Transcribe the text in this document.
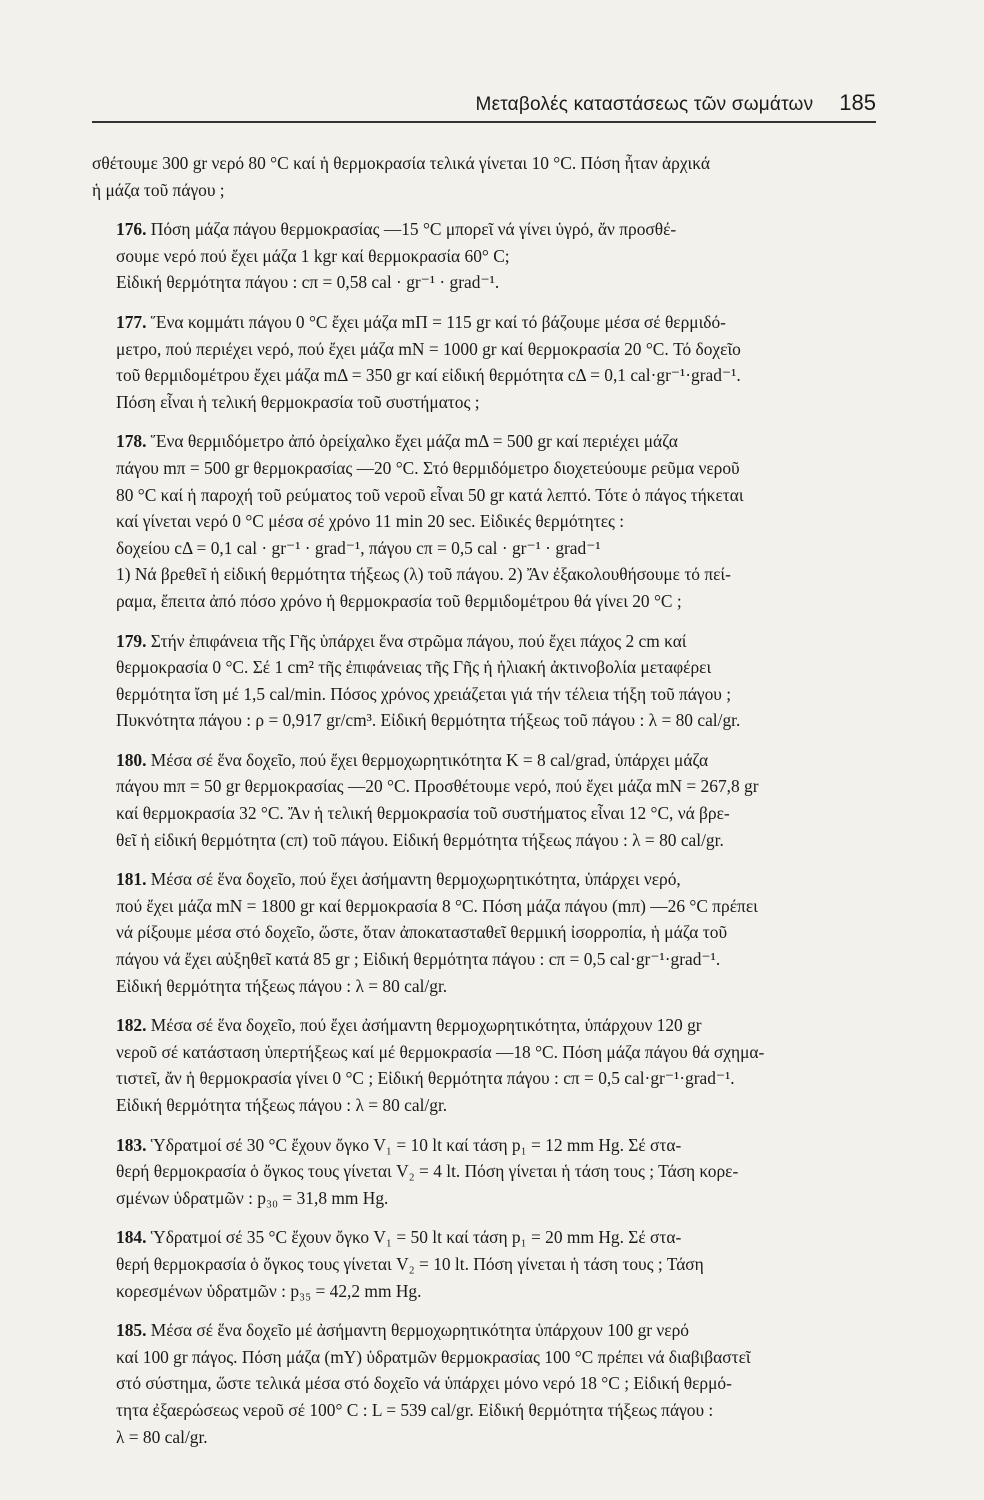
Μεταβολές καταστάσεως τῶν σωμάτων 185

σθέτουμε 300 gr νερό 80 °C καί ἡ θερμοκρασία τελικά γίνεται 10 °C. Πόση ἦταν ἀρχικά
ἡ μάζα τοῦ πάγου ;

176. Πόση μάζα πάγου θερμοκρασίας —15 °C μπορεῖ νά γίνει ὑγρό, ἄν προσθέ-
σουμε νερό πού ἔχει μάζα 1 kgr καί θερμοκρασία 60° C;
Εἰδική θερμότητα πάγου : cπ = 0,58 cal · gr⁻¹ · grad⁻¹.

177. Ἕνα κομμάτι πάγου 0 °C ἔχει μάζα mΠ = 115 gr καί τό βάζουμε μέσα σέ θερμιδό-
μετρο, πού περιέχει νερό, πού ἔχει μάζα mN = 1000 gr καί θερμοκρασία 20 °C. Τό δοχεῖο
τοῦ θερμιδομέτρου ἔχει μάζα mΔ = 350 gr καί εἰδική θερμότητα cΔ = 0,1 cal·gr⁻¹·grad⁻¹.
Πόση εἶναι ἡ τελική θερμοκρασία τοῦ συστήματος ;

178. Ἕνα θερμιδόμετρο ἀπό ὀρείχαλκο ἔχει μάζα mΔ = 500 gr καί περιέχει μάζα
πάγου mπ = 500 gr θερμοκρασίας —20 °C. Στό θερμιδόμετρο διοχετεύουμε ρεῦμα νεροῦ
80 °C καί ἡ παροχή τοῦ ρεύματος τοῦ νεροῦ εἶναι 50 gr κατά λεπτό. Τότε ὁ πάγος τήκεται
καί γίνεται νερό 0 °C μέσα σέ χρόνο 11 min 20 sec. Εἰδικές θερμότητες :
δοχείου cΔ = 0,1 cal · gr⁻¹ · grad⁻¹, πάγου cπ = 0,5 cal · gr⁻¹ · grad⁻¹
1) Νά βρεθεῖ ἡ εἰδική θερμότητα τήξεως (λ) τοῦ πάγου. 2) Ἄν ἐξακολουθήσουμε τό πεί-
ραμα, ἔπειτα ἀπό πόσο χρόνο ἡ θερμοκρασία τοῦ θερμιδομέτρου θά γίνει 20 °C ;

179. Στήν ἐπιφάνεια τῆς Γῆς ὑπάρχει ἕνα στρῶμα πάγου, πού ἔχει πάχος 2 cm καί
θερμοκρασία 0 °C. Σέ 1 cm² τῆς ἐπιφάνειας τῆς Γῆς ἡ ἡλιακή ἀκτινοβολία μεταφέρει
θερμότητα ἴση μέ 1,5 cal/min. Πόσος χρόνος χρειάζεται γιά τήν τέλεια τήξη τοῦ πάγου ;
Πυκνότητα πάγου : ρ = 0,917 gr/cm³. Εἰδική θερμότητα τήξεως τοῦ πάγου : λ = 80 cal/gr.

180. Μέσα σέ ἕνα δοχεῖο, πού ἔχει θερμοχωρητικότητα K = 8 cal/grad, ὑπάρχει μάζα
πάγου mπ = 50 gr θερμοκρασίας —20 °C. Προσθέτουμε νερό, πού ἔχει μάζα mN = 267,8 gr
καί θερμοκρασία 32 °C. Ἄν ἡ τελική θερμοκρασία τοῦ συστήματος εἶναι 12 °C, νά βρε-
θεῖ ἡ εἰδική θερμότητα (cπ) τοῦ πάγου. Εἰδική θερμότητα τήξεως πάγου : λ = 80 cal/gr.

181. Μέσα σέ ἕνα δοχεῖο, πού ἔχει ἀσήμαντη θερμοχωρητικότητα, ὑπάρχει νερό,
πού ἔχει μάζα mN = 1800 gr καί θερμοκρασία 8 °C. Πόση μάζα πάγου (mπ) —26 °C πρέπει
νά ρίξουμε μέσα στό δοχεῖο, ὥστε, ὅταν ἀποκατασταθεῖ θερμική ἰσορροπία, ἡ μάζα τοῦ
πάγου νά ἔχει αὐξηθεῖ κατά 85 gr ; Εἰδική θερμότητα πάγου : cπ = 0,5 cal·gr⁻¹·grad⁻¹.
Εἰδική θερμότητα τήξεως πάγου : λ = 80 cal/gr.

182. Μέσα σέ ἕνα δοχεῖο, πού ἔχει ἀσήμαντη θερμοχωρητικότητα, ὑπάρχουν 120 gr
νεροῦ σέ κατάσταση ὑπερτήξεως καί μέ θερμοκρασία —18 °C. Πόση μάζα πάγου θά σχημα-
τιστεῖ, ἄν ἡ θερμοκρασία γίνει 0 °C ; Εἰδική θερμότητα πάγου : cπ = 0,5 cal·gr⁻¹·grad⁻¹.
Εἰδική θερμότητα τήξεως πάγου : λ = 80 cal/gr.

183. Ὑδρατμοί σέ 30 °C ἔχουν ὄγκο V₁ = 10 lt καί τάση p₁ = 12 mm Hg. Σέ στα-
θερή θερμοκρασία ὁ ὄγκος τους γίνεται V₂ = 4 lt. Πόση γίνεται ἡ τάση τους ; Τάση κορε-
σμένων ὑδρατμῶν : p₃₀ = 31,8 mm Hg.

184. Ὑδρατμοί σέ 35 °C ἔχουν ὄγκο V₁ = 50 lt καί τάση p₁ = 20 mm Hg. Σέ στα-
θερή θερμοκρασία ὁ ὄγκος τους γίνεται V₂ = 10 lt. Πόση γίνεται ἡ τάση τους ; Τάση
κορεσμένων ὑδρατμῶν : p₃₅ = 42,2 mm Hg.

185. Μέσα σέ ἕνα δοχεῖο μέ ἀσήμαντη θερμοχωρητικότητα ὑπάρχουν 100 gr νερό
καί 100 gr πάγος. Πόση μάζα (mY) ὑδρατμῶν θερμοκρασίας 100 °C πρέπει νά διαβιβαστεῖ
στό σύστημα, ὥστε τελικά μέσα στό δοχεῖο νά ὑπάρχει μόνο νερό 18 °C ; Εἰδική θερμό-
τητα ἐξαερώσεως νεροῦ σέ 100° C : L = 539 cal/gr. Εἰδική θερμότητα τήξεως πάγου :
λ = 80 cal/gr.
